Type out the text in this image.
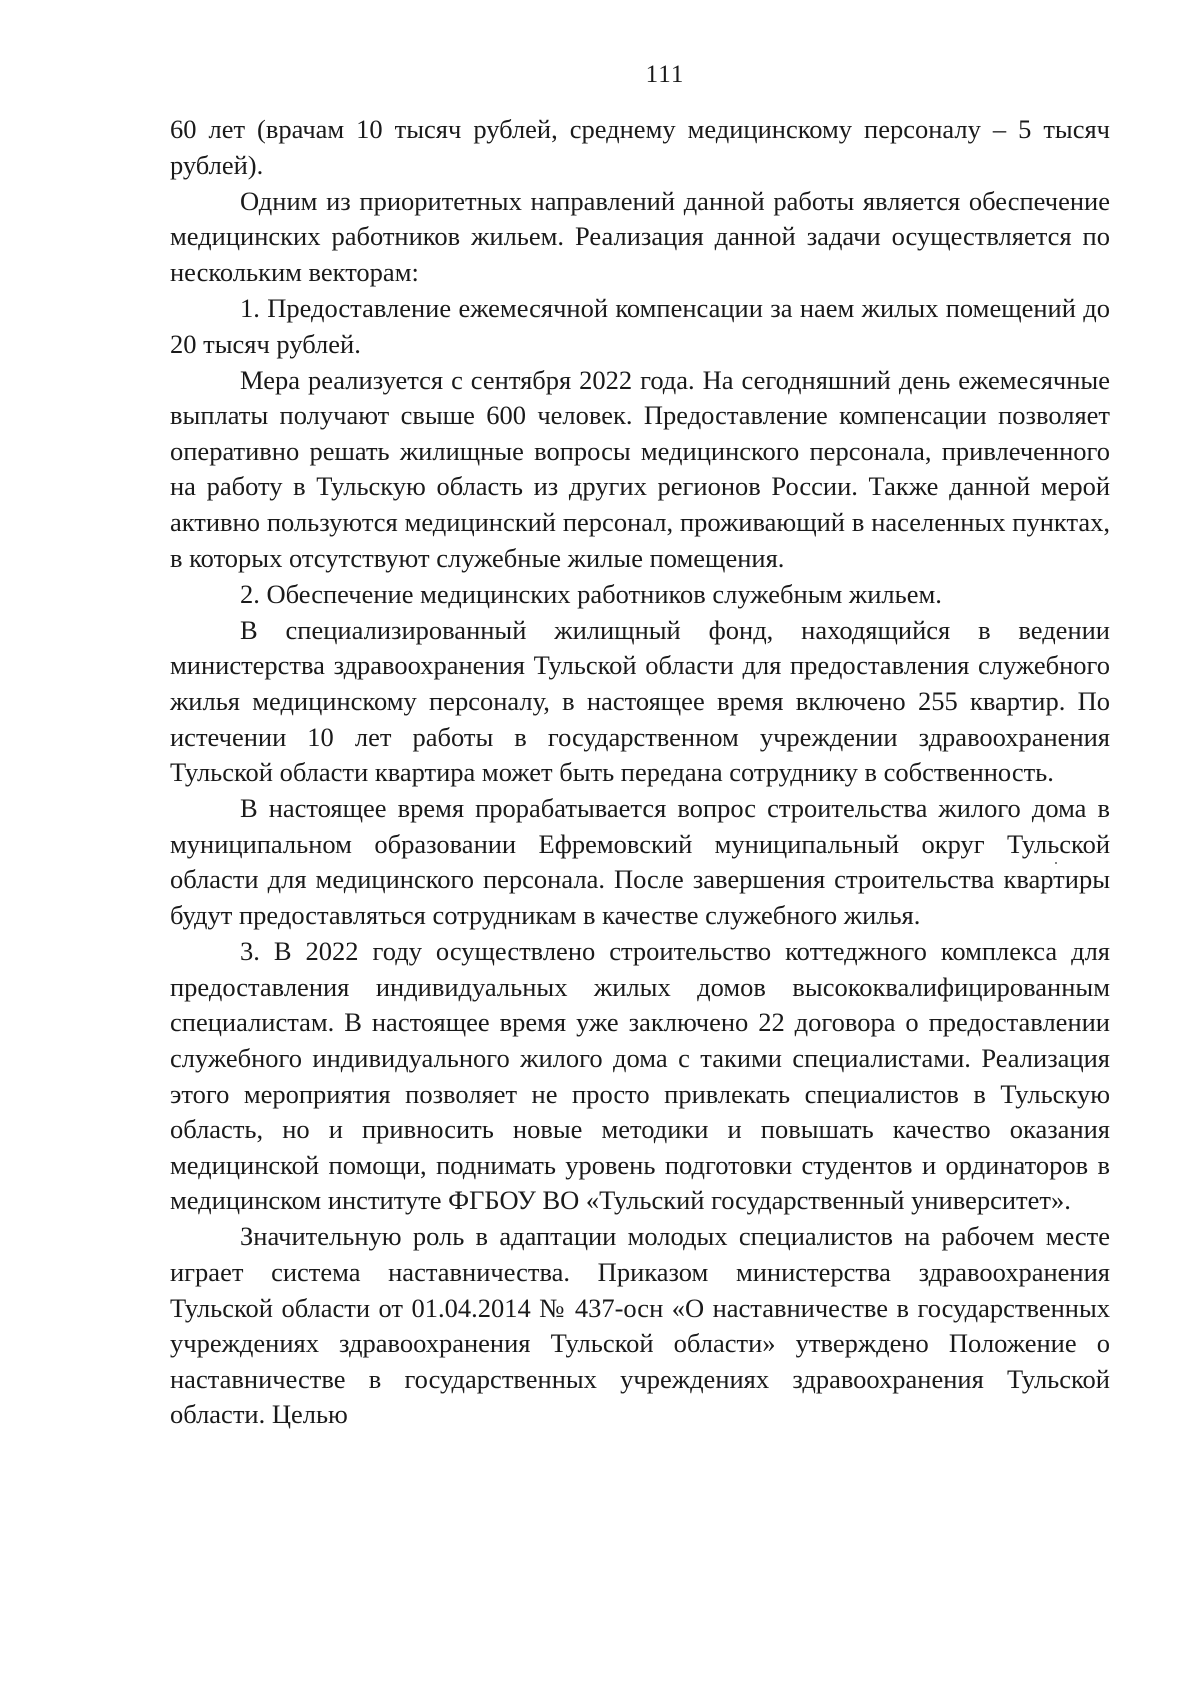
111

60 лет (врачам 10 тысяч рублей, среднему медицинскому персоналу – 5 тысяч рублей).

Одним из приоритетных направлений данной работы является обеспечение медицинских работников жильем. Реализация данной задачи осуществляется по нескольким векторам:

1. Предоставление ежемесячной компенсации за наем жилых помещений до 20 тысяч рублей.

Мера реализуется с сентября 2022 года. На сегодняшний день ежемесячные выплаты получают свыше 600 человек. Предоставление компенсации позволяет оперативно решать жилищные вопросы медицинского персонала, привлеченного на работу в Тульскую область из других регионов России. Также данной мерой активно пользуются медицинский персонал, проживающий в населенных пунктах, в которых отсутствуют служебные жилые помещения.

2. Обеспечение медицинских работников служебным жильем.

В специализированный жилищный фонд, находящийся в ведении министерства здравоохранения Тульской области для предоставления служебного жилья медицинскому персоналу, в настоящее время включено 255 квартир. По истечении 10 лет работы в государственном учреждении здравоохранения Тульской области квартира может быть передана сотруднику в собственность.

В настоящее время прорабатывается вопрос строительства жилого дома в муниципальном образовании Ефремовский муниципальный округ Тульской области для медицинского персонала. После завершения строительства квартиры будут предоставляться сотрудникам в качестве служебного жилья.

3. В 2022 году осуществлено строительство коттеджного комплекса для предоставления индивидуальных жилых домов высококвалифицированным специалистам. В настоящее время уже заключено 22 договора о предоставлении служебного индивидуального жилого дома с такими специалистами. Реализация этого мероприятия позволяет не просто привлекать специалистов в Тульскую область, но и привносить новые методики и повышать качество оказания медицинской помощи, поднимать уровень подготовки студентов и ординаторов в медицинском институте ФГБОУ ВО «Тульский государственный университет».

Значительную роль в адаптации молодых специалистов на рабочем месте играет система наставничества. Приказом министерства здравоохранения Тульской области от 01.04.2014 № 437-осн «О наставничестве в государственных учреждениях здравоохранения Тульской области» утверждено Положение о наставничестве в государственных учреждениях здравоохранения Тульской области. Целью
